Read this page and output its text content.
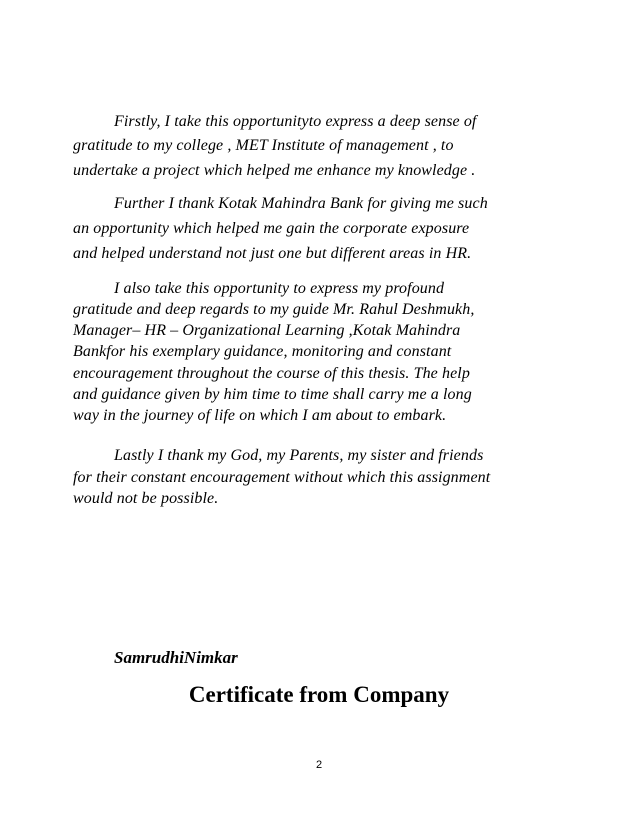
Firstly, I take this opportunityto express a deep sense of
gratitude to my college , MET Institute of management , to
undertake a project which helped me enhance my knowledge .
Further I thank Kotak Mahindra Bank for giving me such
an opportunity which helped me gain the corporate exposure
and helped understand not just one but different areas in HR.
I also take this opportunity to express my profound
gratitude and deep regards to my guide Mr. Rahul Deshmukh,
Manager– HR – Organizational Learning ,Kotak Mahindra
Bankfor his exemplary guidance, monitoring and constant
encouragement throughout the course of this thesis. The help
and guidance given by him time to time shall carry me a long
way in the journey of life on which I am about to embark.
Lastly I thank my God, my Parents, my sister and friends
for their constant encouragement without which this assignment
would not be possible.
SamrudhiNimkar
Certificate from Company
2
